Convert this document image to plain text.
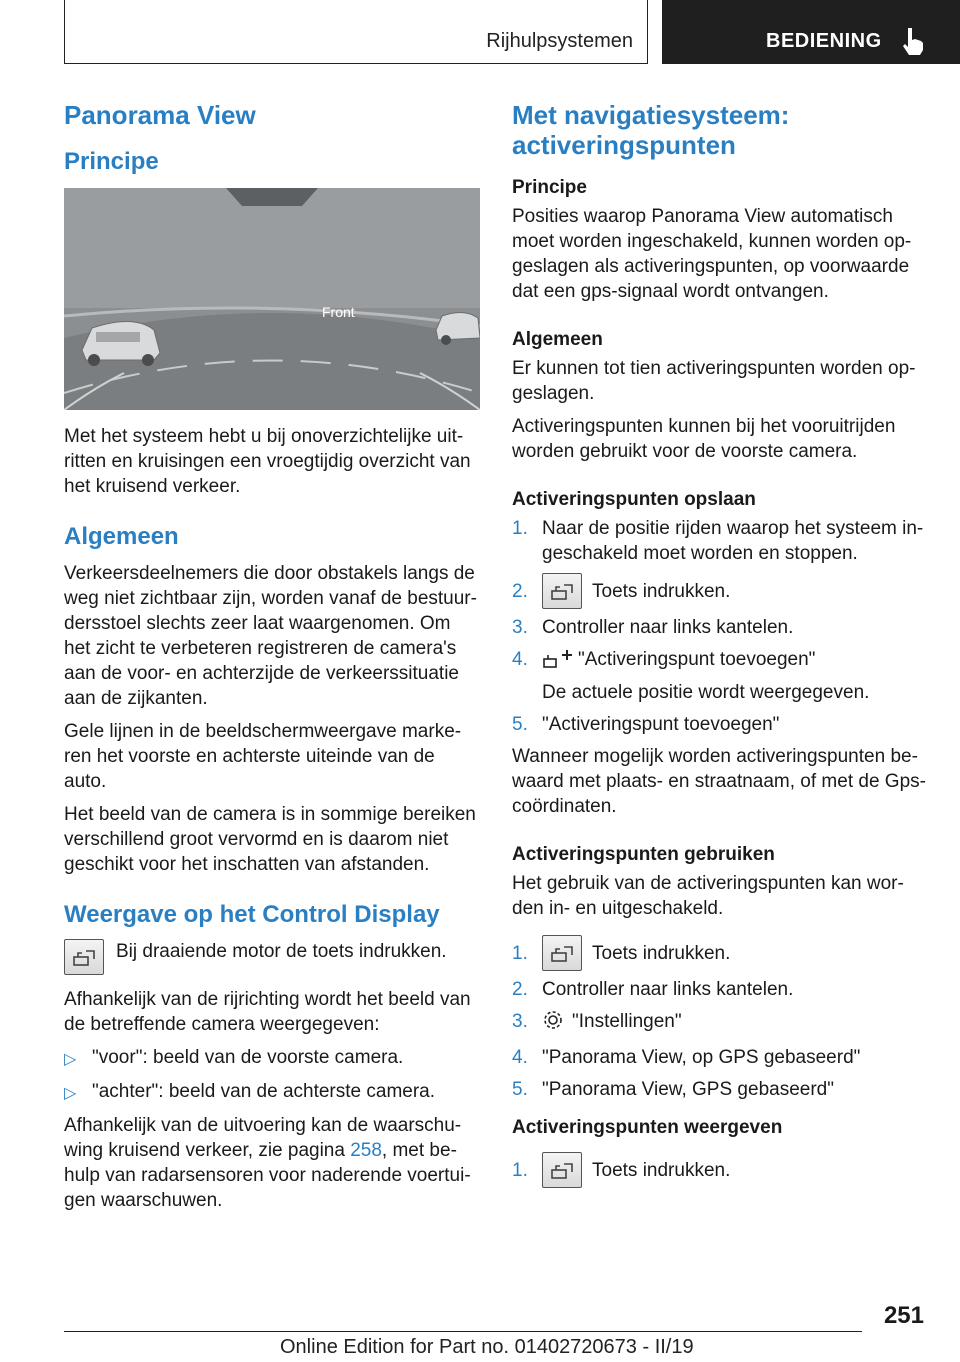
Rijhulpsystemen	BEDIENING
Panorama View
Principe
Front

Met het systeem hebt u bij onoverzichtelijke uit-ritten en kruisingen een vroegtijdig overzicht van het kruisend verkeer.

Algemeen

Verkeersdeelnemers die door obstakels langs de weg niet zichtbaar zijn, worden vanaf de bestuur-dersstoel slechts zeer laat waargenomen. Om het zicht te verbeteren registreren de camera's aan de voor- en achterzijde de verkeerssituatie aan de zijkanten.

Gele lijnen in de beeldschermweergave marke-ren het voorste en achterste uiteinde van de auto.

Het beeld van de camera is in sommige bereiken verschillend groot vervormd en is daarom niet geschikt voor het inschatten van afstanden.

Weergave op het Control Display
Bij draaiende motor de toets indrukken.

Afhankelijk van de rijrichting wordt het beeld van de betreffende camera weergegeven:

▷ "voor": beeld van de voorste camera.
▷ "achter": beeld van de achterste camera.

Afhankelijk van de uitvoering kan de waarschu-wing kruisend verkeer, zie pagina 258, met be-hulp van radarsensoren voor naderende voertui-gen waarschuwen.

Met navigatiesysteem: activeringspunten
Principe

Posities waarop Panorama View automatisch moet worden ingeschakeld, kunnen worden op-geslagen als activeringspunten, op voorwaarde dat een gps-signaal wordt ontvangen.

Algemeen

Er kunnen tot tien activeringspunten worden op-geslagen.

Activeringspunten kunnen bij het vooruitrijden worden gebruikt voor de voorste camera.

Activeringspunten opslaan
1. Naar de positie rijden waarop het systeem in-geschakeld moet worden en stoppen.
2.	Toets indrukken.
3. Controller naar links kantelen.
4.	"Activeringspunt toevoegen"
De actuele positie wordt weergegeven.
5. "Activeringspunt toevoegen"

Wanneer mogelijk worden activeringspunten be-waard met plaats- en straatnaam, of met de Gps-coördinaten.

Activeringspunten gebruiken

Het gebruik van de activeringspunten kan wor-den in- en uitgeschakeld.

1.	Toets indrukken.
2. Controller naar links kantelen.
3.	"Instellingen"
4. "Panorama View, op GPS gebaseerd"
5. "Panorama View, GPS gebaseerd"
Activeringspunten weergeven
1.	Toets indrukken.
251
Online Edition for Part no. 01402720673 - II/19
